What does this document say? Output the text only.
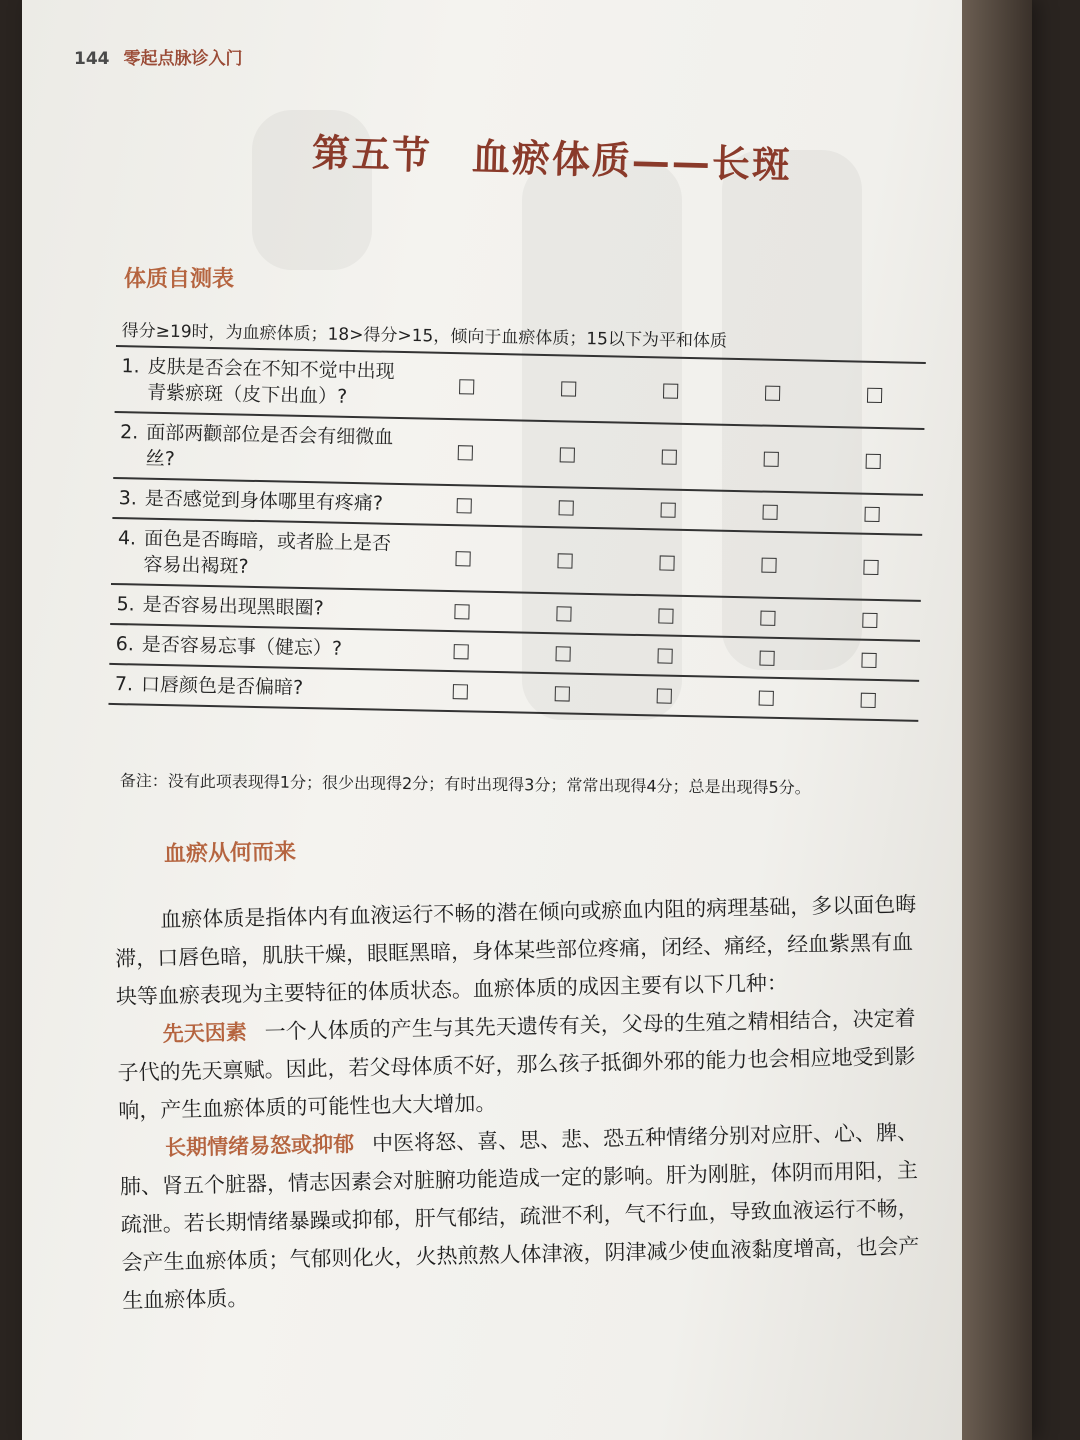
144 零起点脉诊入门
第五节 血瘀体质——长斑
体质自测表
得分≥19时，为血瘀体质；18>得分>15，倾向于血瘀体质；15以下为平和体质
1. 皮肤是否会在不知不觉中出现青紫瘀斑（皮下出血）?
2. 面部两颧部位是否会有细微血丝?
3. 是否感觉到身体哪里有疼痛?
4. 面色是否晦暗，或者脸上是否容易出褐斑?
5. 是否容易出现黑眼圈?
6. 是否容易忘事（健忘）?
7. 口唇颜色是否偏暗?
备注：没有此项表现得1分；很少出现得2分；有时出现得3分；常常出现得4分；总是出现得5分。
血瘀从何而来
血瘀体质是指体内有血液运行不畅的潜在倾向或瘀血内阻的病理基础，多以面色晦滞，口唇色暗，肌肤干燥，眼眶黑暗，身体某些部位疼痛，闭经、痛经，经血紫黑有血块等血瘀表现为主要特征的体质状态。血瘀体质的成因主要有以下几种：
先天因素 一个人体质的产生与其先天遗传有关，父母的生殖之精相结合，决定着子代的先天禀赋。因此，若父母体质不好，那么孩子抵御外邪的能力也会相应地受到影响，产生血瘀体质的可能性也大大增加。
长期情绪易怒或抑郁 中医将怒、喜、思、悲、恐五种情绪分别对应肝、心、脾、肺、肾五个脏器，情志因素会对脏腑功能造成一定的影响。肝为刚脏，体阴而用阳，主疏泄。若长期情绪暴躁或抑郁，肝气郁结，疏泄不利，气不行血，导致血液运行不畅，会产生血瘀体质；气郁则化火，火热煎熬人体津液，阴津减少使血液黏度增高，也会产生血瘀体质。
